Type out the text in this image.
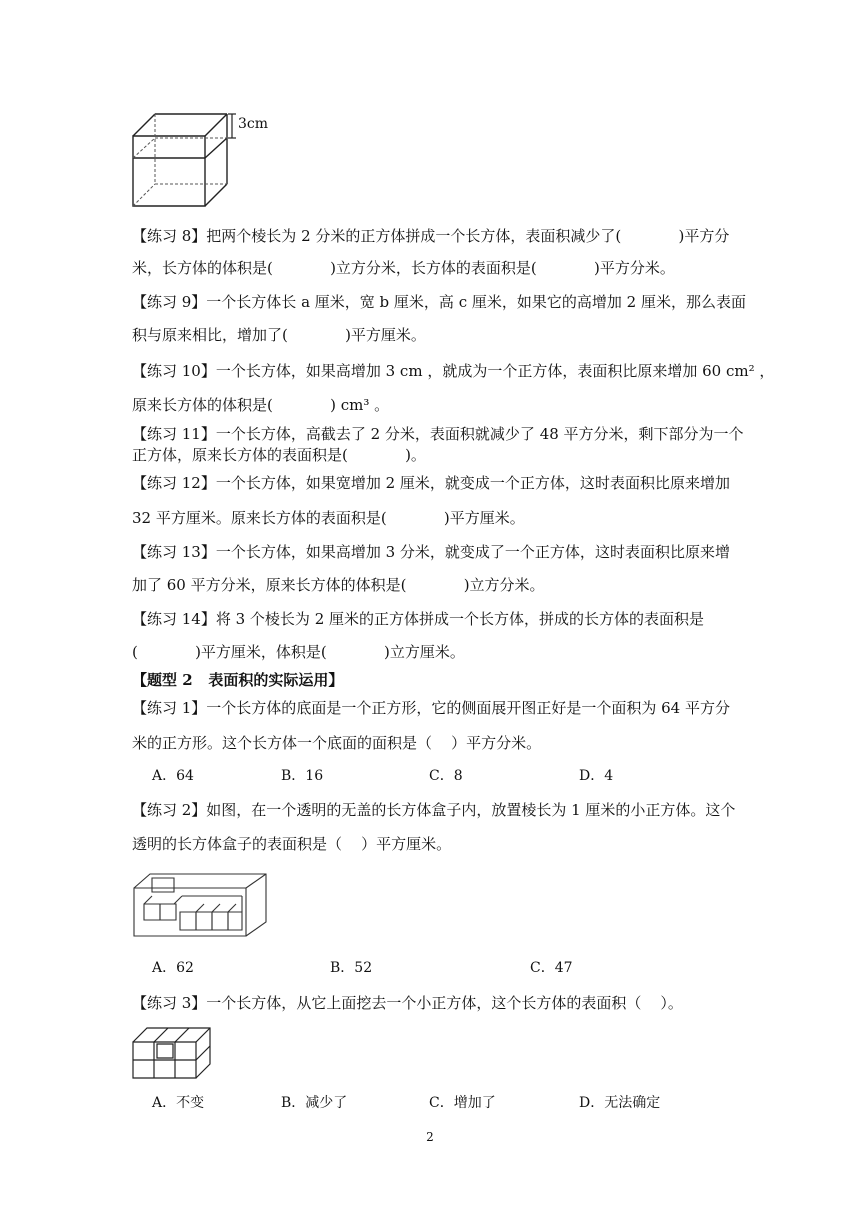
3cm
【练习 8】把两个棱长为 2 分米的正方体拼成一个长方体，表面积减少了(            )平方分
米，长方体的体积是(            )立方分米，长方体的表面积是(            )平方分米。
【练习 9】一个长方体长 a 厘米，宽 b 厘米，高 c 厘米，如果它的高增加 2 厘米，那么表面
积与原来相比，增加了(            )平方厘米。
【练习 10】一个长方体，如果高增加 3 cm ，就成为一个正方体，表面积比原来增加 60 cm² ，
原来长方体的体积是(            ) cm³ 。
【练习 11】一个长方体，高截去了 2 分米，表面积就减少了 48 平方分米，剩下部分为一个
正方体，原来长方体的表面积是(            )。
【练习 12】一个长方体，如果宽增加 2 厘米，就变成一个正方体，这时表面积比原来增加
32 平方厘米。原来长方体的表面积是(            )平方厘米。
【练习 13】一个长方体，如果高增加 3 分米，就变成了一个正方体，这时表面积比原来增
加了 60 平方分米，原来长方体的体积是(            )立方分米。
【练习 14】将 3 个棱长为 2 厘米的正方体拼成一个长方体，拼成的长方体的表面积是
(            )平方厘米，体积是(            )立方厘米。
【题型 2   表面积的实际运用】
【练习 1】一个长方体的底面是一个正方形，它的侧面展开图正好是一个面积为 64 平方分
米的正方形。这个长方体一个底面的面积是（    ）平方分米。
A．64	B．16	C．8	D．4
【练习 2】如图，在一个透明的无盖的长方体盒子内，放置棱长为 1 厘米的小正方体。这个
透明的长方体盒子的表面积是（    ）平方厘米。
A．62	B．52	C．47
【练习 3】一个长方体，从它上面挖去一个小正方体，这个长方体的表面积（    ）。
A．不变	B．减少了	C．增加了	D．无法确定
2
